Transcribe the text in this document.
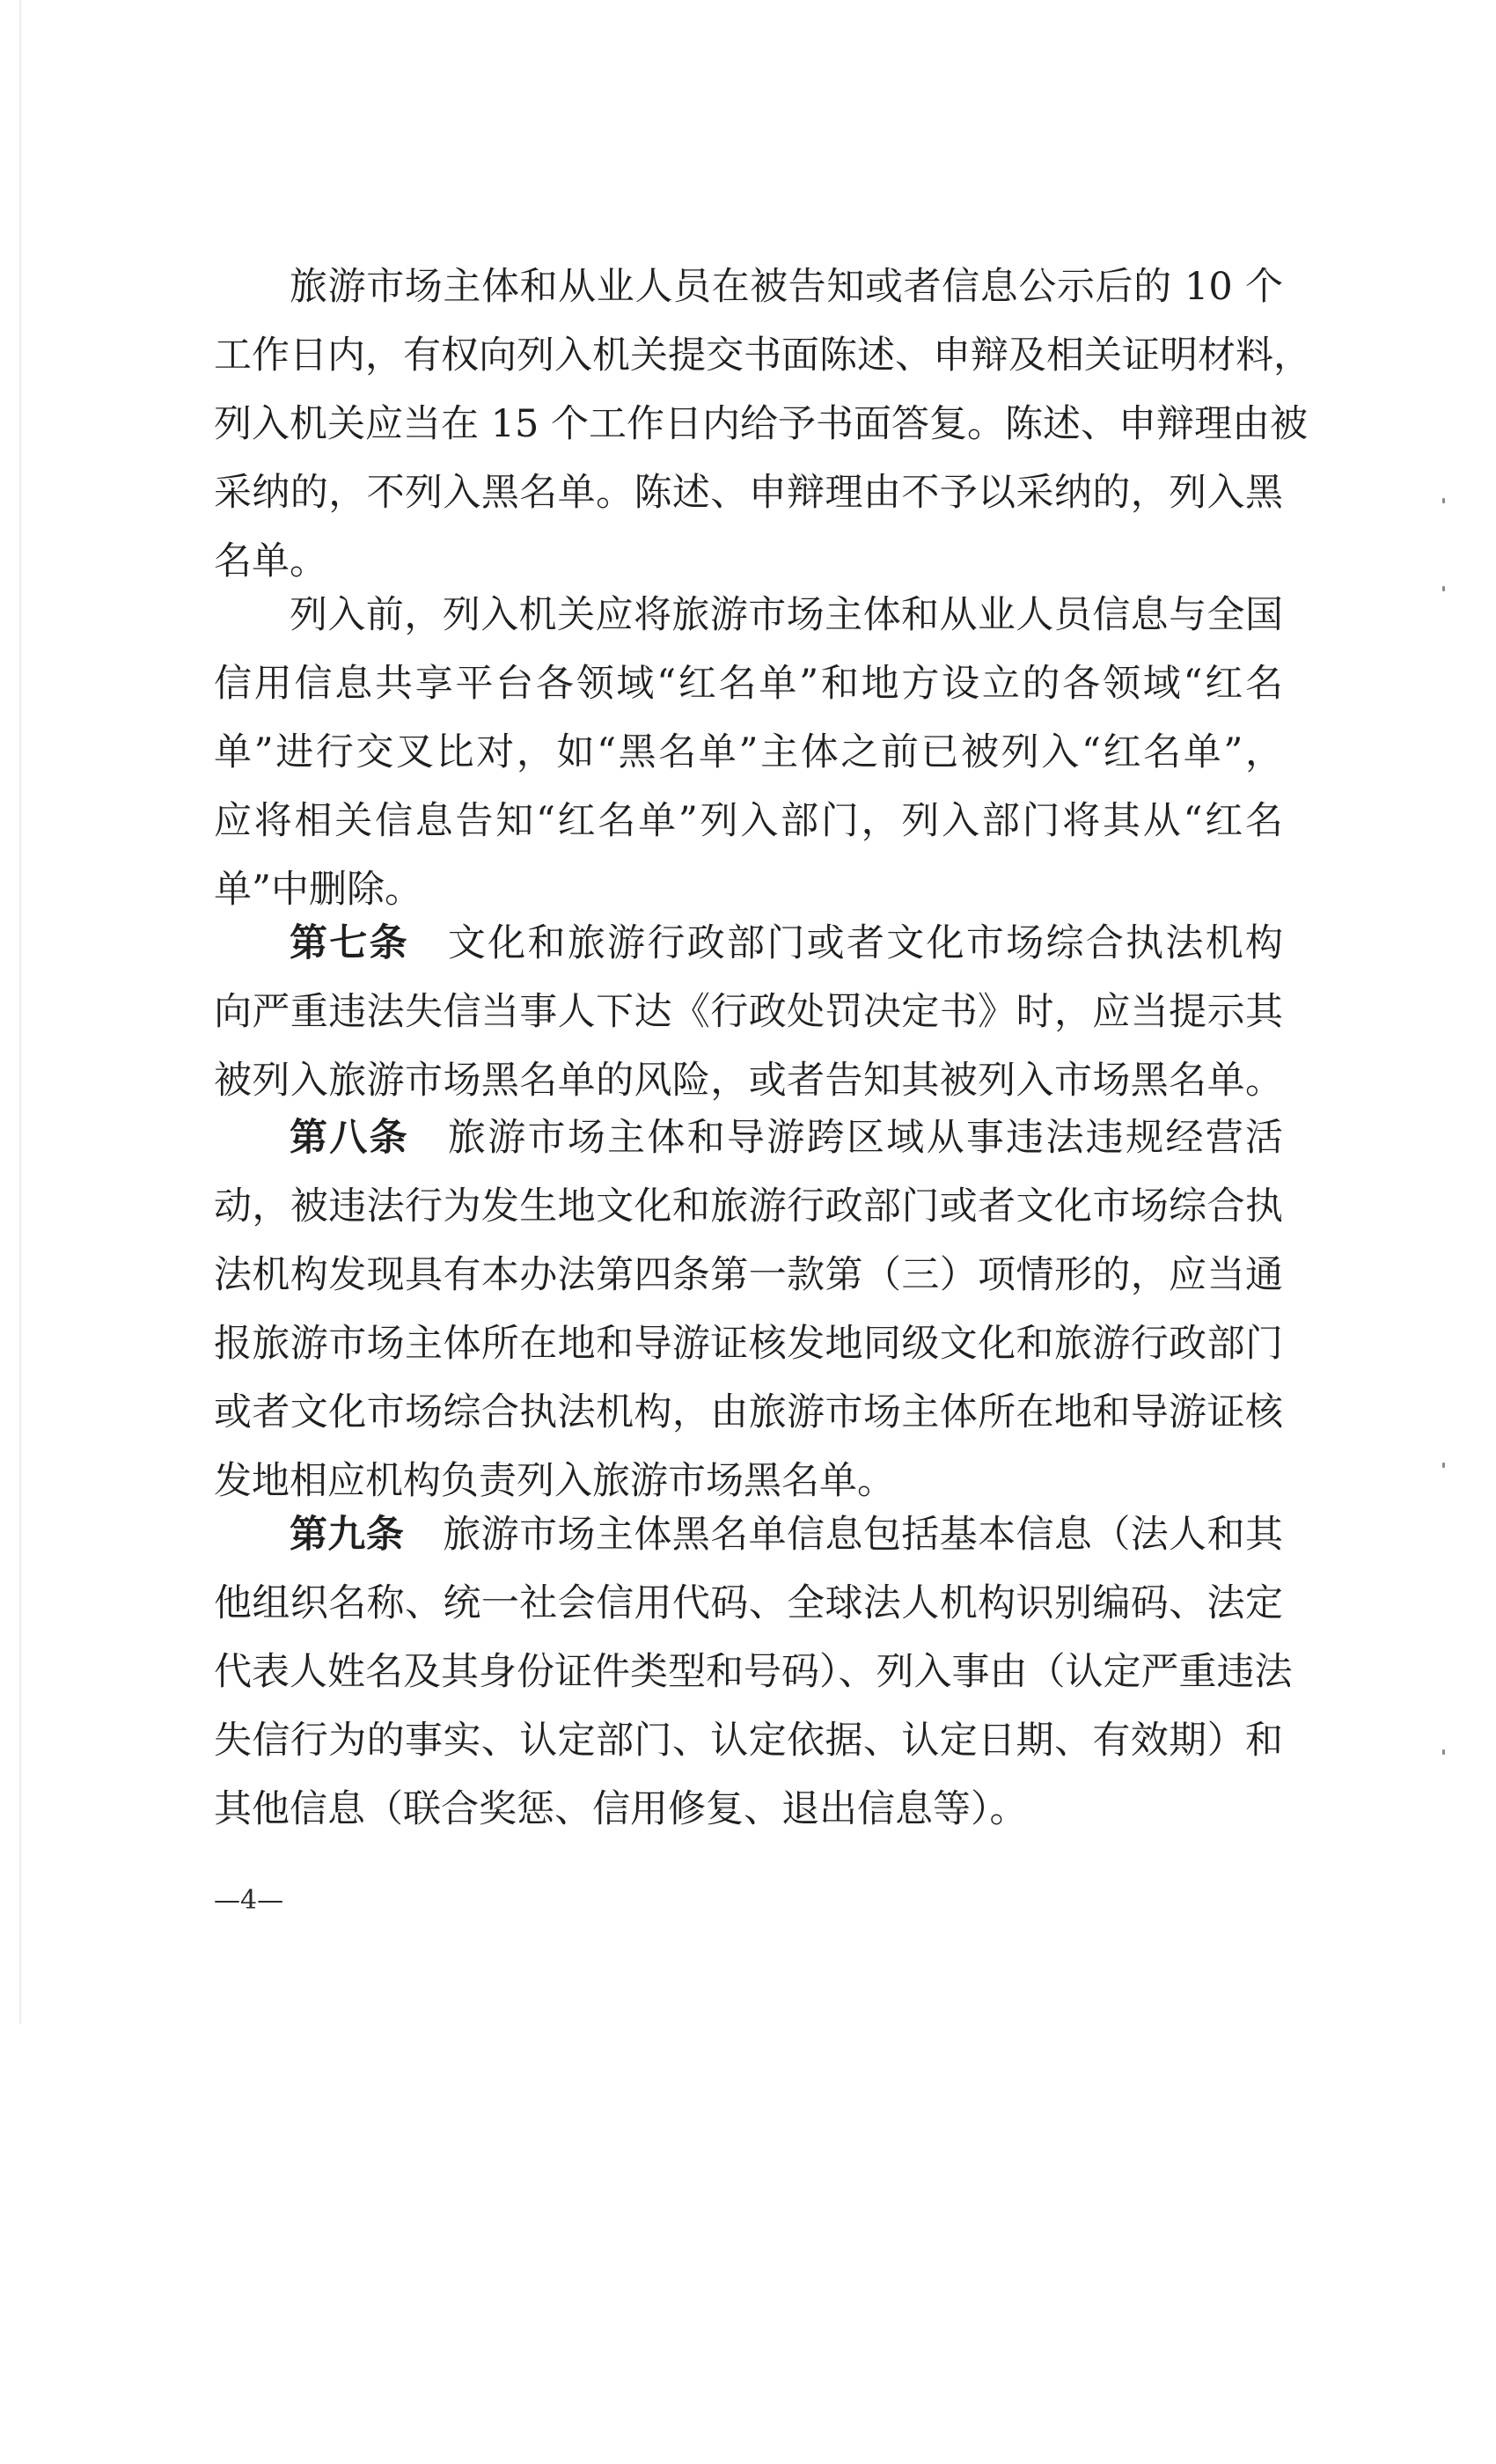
旅游市场主体和从业人员在被告知或者信息公示后的 10 个
工作日内，有权向列入机关提交书面陈述、申辩及相关证明材料，
列入机关应当在 15 个工作日内给予书面答复。陈述、申辩理由被
采纳的，不列入黑名单。陈述、申辩理由不予以采纳的，列入黑
名单。
列入前，列入机关应将旅游市场主体和从业人员信息与全国
信用信息共享平台各领域“红名单”和地方设立的各领域“红名
单”进行交叉比对，如“黑名单”主体之前已被列入“红名单”，
应将相关信息告知“红名单”列入部门，列入部门将其从“红名
单”中删除。
第七条 文化和旅游行政部门或者文化市场综合执法机构
向严重违法失信当事人下达《行政处罚决定书》时，应当提示其
被列入旅游市场黑名单的风险，或者告知其被列入市场黑名单。
第八条 旅游市场主体和导游跨区域从事违法违规经营活
动，被违法行为发生地文化和旅游行政部门或者文化市场综合执
法机构发现具有本办法第四条第一款第（三）项情形的，应当通
报旅游市场主体所在地和导游证核发地同级文化和旅游行政部门
或者文化市场综合执法机构，由旅游市场主体所在地和导游证核
发地相应机构负责列入旅游市场黑名单。
第九条 旅游市场主体黑名单信息包括基本信息（法人和其
他组织名称、统一社会信用代码、全球法人机构识别编码、法定
代表人姓名及其身份证件类型和号码）、列入事由（认定严重违法
失信行为的事实、认定部门、认定依据、认定日期、有效期）和
其他信息（联合奖惩、信用修复、退出信息等）。
—4—
